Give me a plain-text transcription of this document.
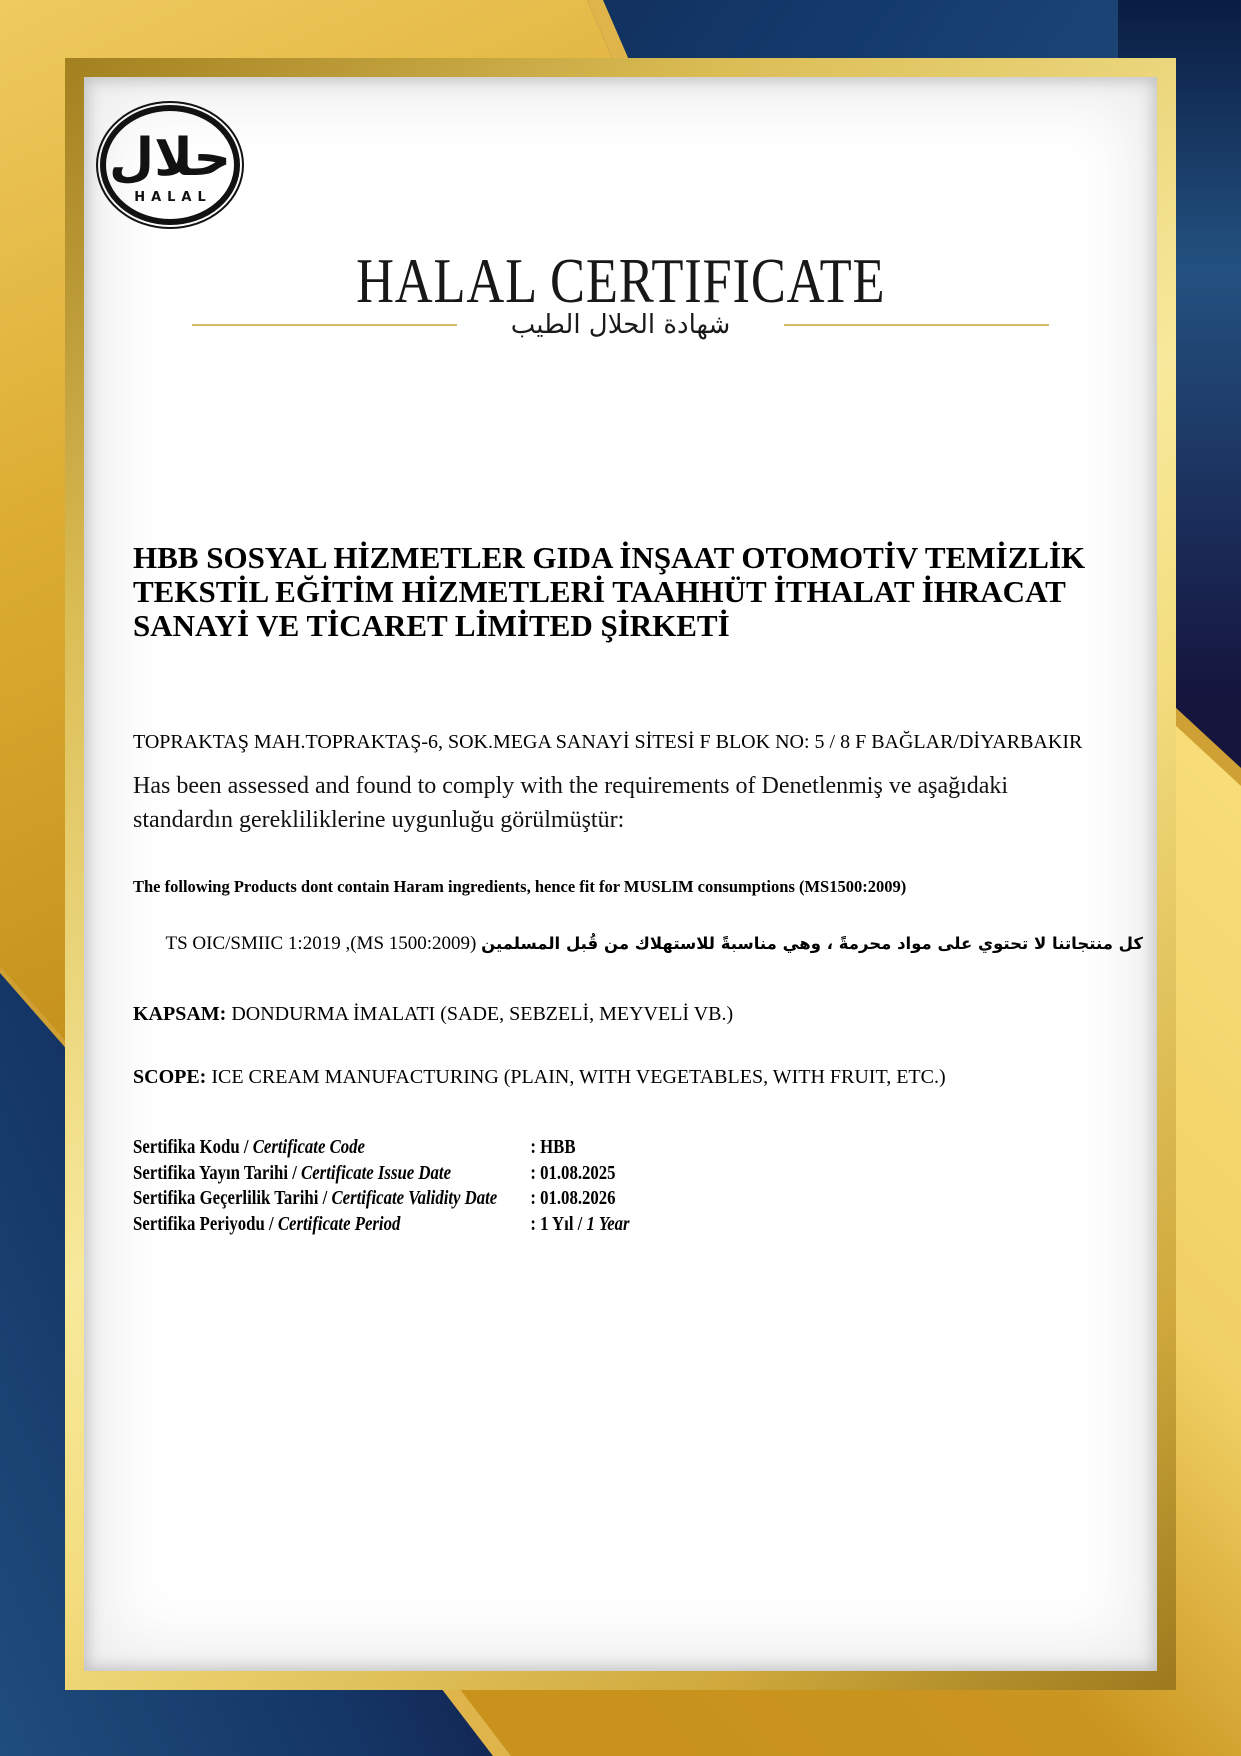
حلال
HALAL
HALAL CERTIFICATE
شهادة الحلال الطيب
HBB SOSYAL HİZMETLER GIDA İNŞAAT OTOMOTİV TEMİZLİK
TEKSTİL EĞİTİM HİZMETLERİ TAAHHÜT İTHALAT İHRACAT
SANAYİ VE TİCARET LİMİTED ŞİRKETİ
TOPRAKTAŞ MAH.TOPRAKTAŞ-6, SOK.MEGA SANAYİ SİTESİ F BLOK NO: 5 / 8 F BAĞLAR/DİYARBAKIR
Has been assessed and found to comply with the requirements of Denetlenmiş ve aşağıdaki
standardın gerekliliklerine uygunluğu görülmüştür:
The following Products dont contain Haram ingredients, hence fit for MUSLIM consumptions (MS1500:2009)
كل منتجاتنا لا تحتوي على مواد محرمةً ، وهي مناسبةً للاستهلاك من قُبل المسلمين (MS 1500:2009), TS OIC/SMIIC 1:2019
KAPSAM: DONDURMA İMALATI (SADE, SEBZELİ, MEYVELİ VB.)
SCOPE: ICE CREAM MANUFACTURING (PLAIN, WITH VEGETABLES, WITH FRUIT, ETC.)
Sertifika Kodu / Certificate Code	: HBB
Sertifika Yayın Tarihi / Certificate Issue Date	: 01.08.2025
Sertifika Geçerlilik Tarihi / Certificate Validity Date	: 01.08.2026
Sertifika Periyodu / Certificate Period	: 1 Yıl / 1 Year
